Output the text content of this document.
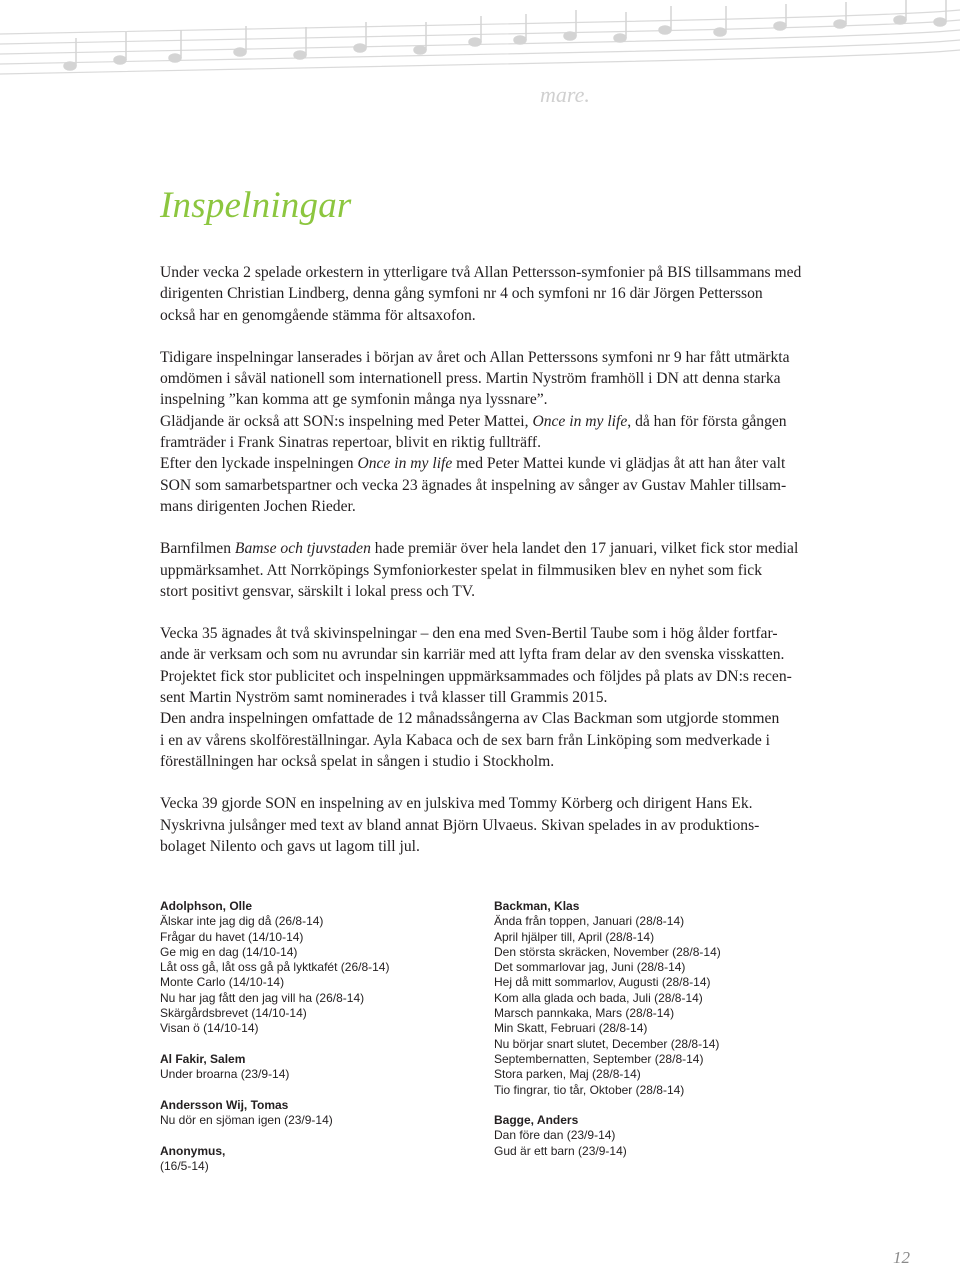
mare.
Inspelningar

Under vecka 2 spelade orkestern in ytterligare två Allan Pettersson-symfonier på BIS tillsammans med
dirigenten Christian Lindberg, denna gång symfoni nr 4 och symfoni nr 16 där Jörgen Pettersson
också har en genomgående stämma för altsaxofon.

Tidigare inspelningar lanserades i början av året och Allan Petterssons symfoni nr 9 har fått utmärkta
omdömen i såväl nationell som internationell press. Martin Nyström framhöll i DN att denna starka
inspelning ”kan komma att ge symfonin många nya lyssnare”.
Glädjande är också att SON:s inspelning med Peter Mattei, Once in my life, då han för första gången
framträder i Frank Sinatras repertoar, blivit en riktig fullträff.
Efter den lyckade inspelningen Once in my life med Peter Mattei kunde vi glädjas åt att han åter valt
SON som samarbetspartner och vecka 23 ägnades åt inspelning av sånger av Gustav Mahler tillsam-
mans dirigenten Jochen Rieder.

Barnfilmen Bamse och tjuvstaden hade premiär över hela landet den 17 januari, vilket fick stor medial
uppmärksamhet. Att Norrköpings Symfoniorkester spelat in filmmusiken blev en nyhet som fick
stort positivt gensvar, särskilt i lokal press och TV.

Vecka 35 ägnades åt två skivinspelningar – den ena med Sven-Bertil Taube som i hög ålder fortfar-
ande är verksam och som nu avrundar sin karriär med att lyfta fram delar av den svenska visskatten.
Projektet fick stor publicitet och inspelningen uppmärksammades och följdes på plats av DN:s recen-
sent Martin Nyström samt nominerades i två klasser till Grammis 2015.
Den andra inspelningen omfattade de 12 månadssångerna av Clas Backman som utgjorde stommen
i en av vårens skolföreställningar. Ayla Kabaca och de sex barn från Linköping som medverkade i
föreställningen har också spelat in sången i studio i Stockholm.

Vecka 39 gjorde SON en inspelning av en julskiva med Tommy Körberg och dirigent Hans Ek.
Nyskrivna julsånger med text av bland annat Björn Ulvaeus. Skivan spelades in av produktions-
bolaget Nilento och gavs ut lagom till jul.

Adolphson, Olle
Älskar inte jag dig då (26/8-14)
Frågar du havet (14/10-14)
Ge mig en dag (14/10-14)
Låt oss gå, låt oss gå på lyktkafét (26/8-14)
Monte Carlo (14/10-14)
Nu har jag fått den jag vill ha (26/8-14)
Skärgårdsbrevet (14/10-14)
Visan ö (14/10-14)
Al Fakir, Salem
Under broarna (23/9-14)
Andersson Wij, Tomas
Nu dör en sjöman igen (23/9-14)
Anonymus,
(16/5-14)
Backman, Klas
Ända från toppen, Januari (28/8-14)
April hjälper till, April (28/8-14)
Den största skräcken, November (28/8-14)
Det sommarlovar jag, Juni (28/8-14)
Hej då mitt sommarlov, Augusti (28/8-14)
Kom alla glada och bada, Juli (28/8-14)
Marsch pannkaka, Mars (28/8-14)
Min Skatt, Februari (28/8-14)
Nu börjar snart slutet, December (28/8-14)
Septembernatten, September (28/8-14)
Stora parken, Maj (28/8-14)
Tio fingrar, tio tår, Oktober (28/8-14)
Bagge, Anders
Dan före dan (23/9-14)
Gud är ett barn (23/9-14)
12
